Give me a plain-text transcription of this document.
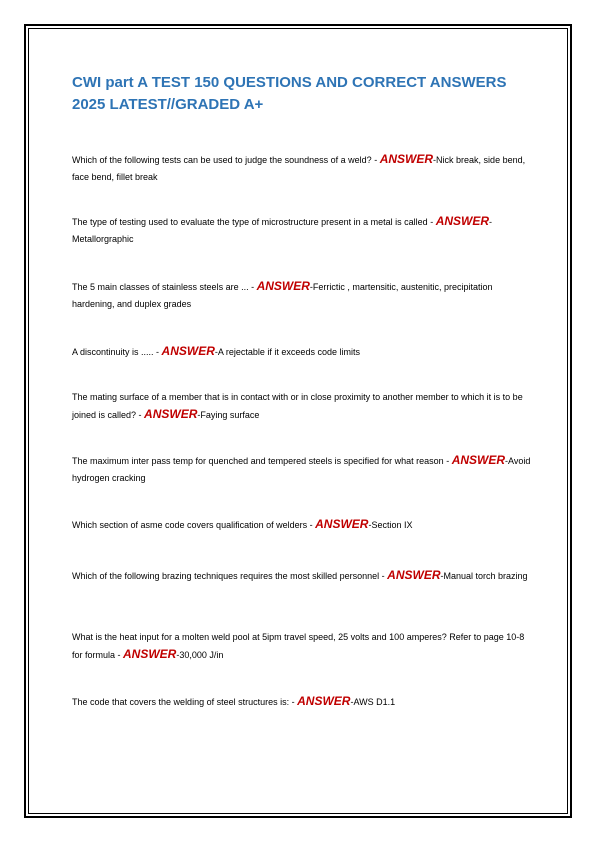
CWI part A TEST 150 QUESTIONS AND CORRECT ANSWERS 2025 LATEST//GRADED A+

Which of the following tests can be used to judge the soundness of a weld? - ANSWER-Nick break, side bend, face bend, fillet break

The type of testing used to evaluate the type of microstructure present in a metal is called - ANSWER-Metallorgraphic

The 5 main classes of stainless steels are ... - ANSWER-Ferrictic , martensitic, austenitic, precipitation hardening, and duplex grades

A discontinuity is ..... - ANSWER-A rejectable if it exceeds code limits

The mating surface of a member that is in contact with or in close proximity to another member to which it is to be joined is called? - ANSWER-Faying surface

The maximum inter pass temp for quenched and tempered steels is specified for what reason - ANSWER-Avoid hydrogen cracking

Which section of asme code covers qualification of welders - ANSWER-Section IX

Which of the following brazing techniques requires the most skilled personnel - ANSWER-Manual torch brazing

What is the heat input for a molten weld pool at 5ipm travel speed, 25 volts and 100 amperes? Refer to page 10-8 for formula - ANSWER-30,000 J/in

The code that covers the welding of steel structures is: - ANSWER-AWS D1.1
